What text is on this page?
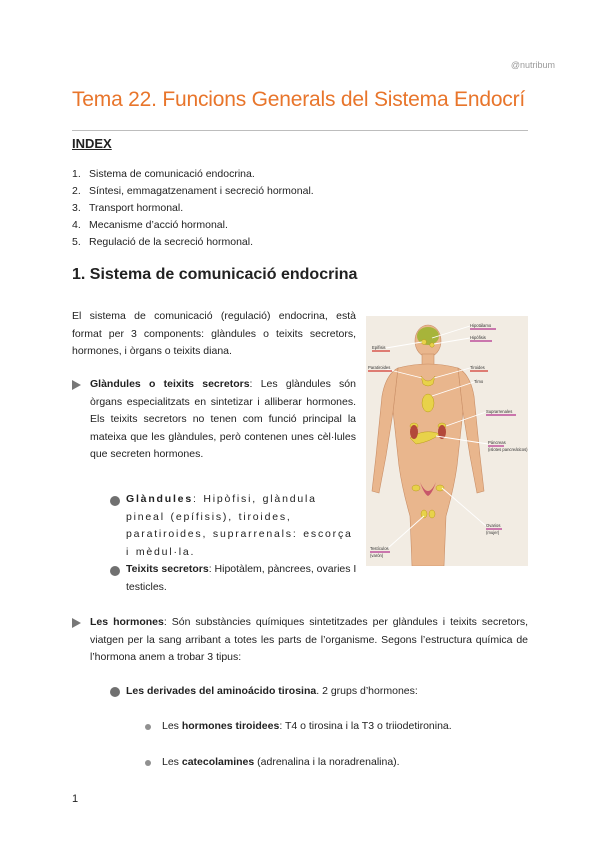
@nutribum
Tema 22. Funcions Generals del Sistema Endocrí
INDEX
1. Sistema de comunicació endocrina.
2. Síntesi, emmagatzenament i secreció hormonal.
3. Transport hormonal.
4. Mecanisme d’acció hormonal.
5. Regulació de la secreció hormonal.
1. Sistema de comunicació endocrina

El sistema de comunicació (regulació) endocrina, està format per 3 components: glàndules o teixits secretors, hormones, i òrgans o teixits diana.

Glàndules o teixits secretors: Les glàndules són òrgans especialitzats en sintetizar i alliberar hormones. Els teixits secretors no tenen com funció principal la mateixa que les glàndules, però contenen unes cèl·lules que secreten hormones.

Glàndules: Hipòfisi, glàndula pineal (epífisis), tiroides, paratiroides, suprarrenals: escorça i mèdul·la.

Teixits secretors: Hipotàlem, pàncrees, ovaries I testicles.

Les hormones: Són substàncies químiques sintetitzades per glàndules i teixits secretors, viatgen per la sang arribant a totes les parts de l’organisme. Segons l’estructura química de l’hormona anem a trobar 3 tipus:

Les derivades del aminoácido tirosina. 2 grups d’hormones:

Les hormones tiroidees: T4 o tirosina i la T3 o triiodetironina.

Les catecolamines (adrenalina i la noradrenalina).

Hipotálamo
Hipófisis
Epífisis
Paratiroides	Tiroides
Timo
Suprarrenales
Páncreas
(islotes pancreáticos)
Ovarios
(mujer)
Testículos
(varón)
1
